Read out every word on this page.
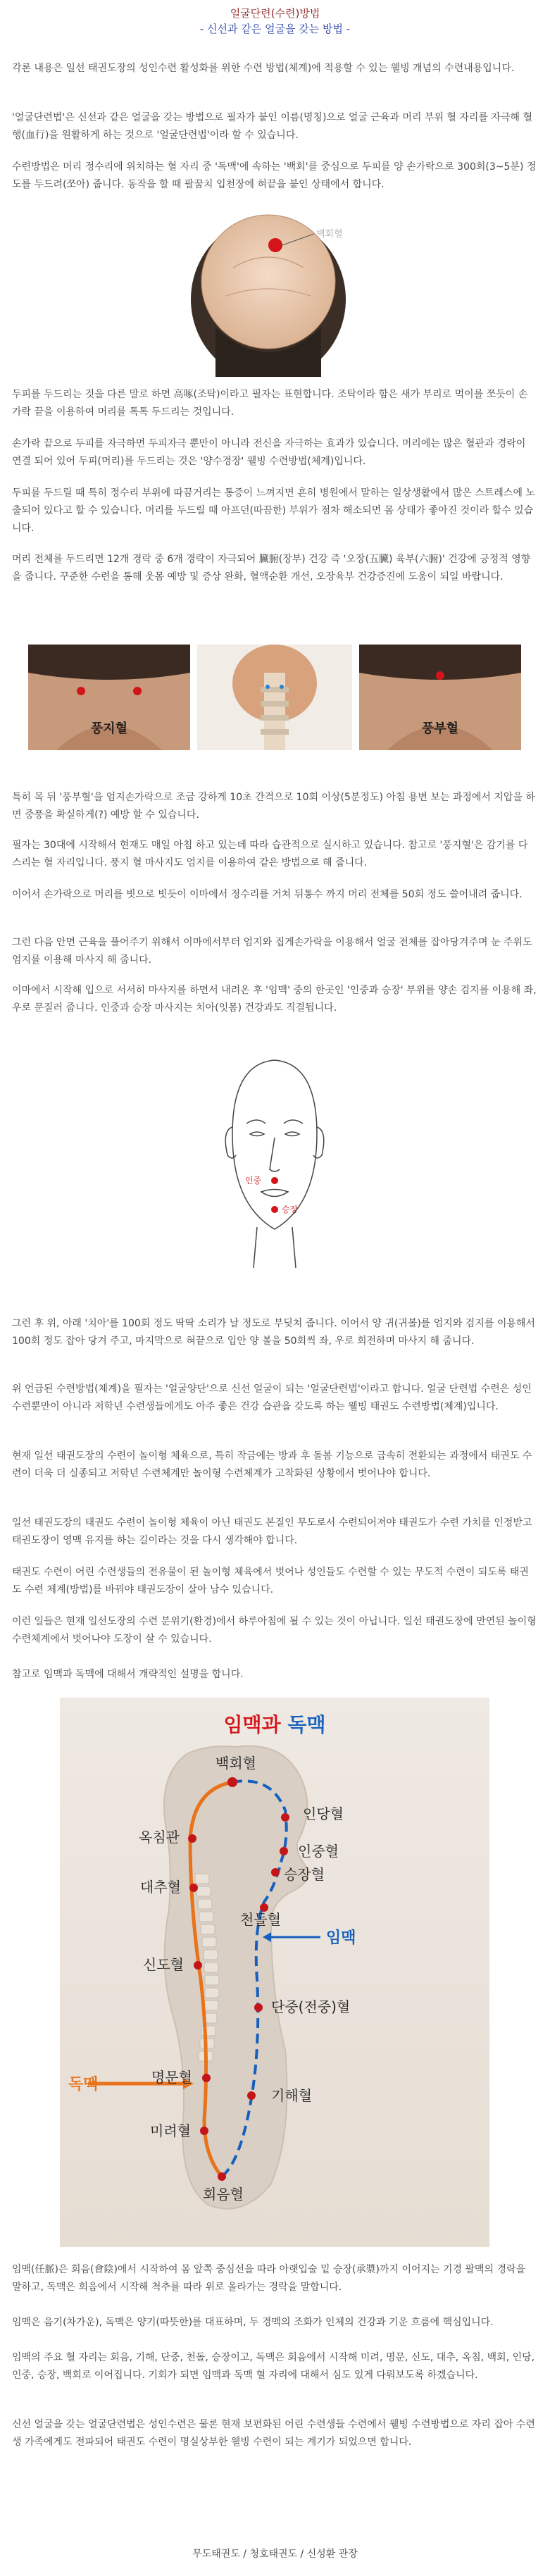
얼굴단련(수련)방법
- 신선과 같은 얼굴을 갖는 방법 -

각론 내용은 일선 태권도장의 성인수련 활성화를 위한 수련 방법(체계)에 적용할 수 있는 웰빙 개념의 수련내용입니다.

'얼굴단련법'은 신선과 같은 얼굴을 갖는 방법으로 필자가 붙인 이름(명칭)으로 얼굴 근육과 머리 부위 혈 자리를 자극해 혈행(血行)을 원활하게 하는 것으로 '얼굴단련법'이라 할 수 있습니다.

수련방법은 머리 정수리에 위치하는 혈 자리 중 '독맥'에 속하는 '백회'를 중심으로 두피를 양 손가락으로 300회(3~5분) 정도를 두드려(쪼아) 줍니다. 동작을 할 때 팔꿈치 입천장에 혀끝을 붙인 상태에서 합니다.

백회혈

두피를 두드리는 것을 다른 말로 하면 高啄(조탁)이라고 필자는 표현합니다. 조탁이라 함은 새가 부리로 먹이를 쪼듯이 손가락 끝을 이용하여 머리를 톡톡 두드리는 것입니다.

손가락 끝으로 두피를 자극하면 두피자극 뿐만이 아니라 전신을 자극하는 효과가 있습니다. 머리에는 많은 혈관과 경락이 연결 되어 있어 두피(머리)를 두드리는 것은 '양수경장' 웰빙 수련방법(체계)입니다.

두피를 두드릴 때 특히 정수리 부위에 따끔거리는 통증이 느껴지면 흔히 병원에서 말하는 일상생활에서 많은 스트레스에 노출되어 있다고 할 수 있습니다. 머리를 두드릴 때 아프던(따끔한) 부위가 점차 해소되면 몸 상태가 좋아진 것이라 할수 있습니다.

머리 전체를 두드리면 12개 경락 중 6개 경락이 자극되어 臟腑(장부) 건강 즉 '오장(五臟) 육부(六腑)' 건강에 긍정적 영향을 줍니다. 꾸준한 수련을 통해 웃몸 예방 및 증상 완화, 혈액순환 개선, 오장육부 건강증진에 도움이 되일 바랍니다.

풍지혈	풍부혈

특히 목 뒤 '풍부혈'을 엄지손가락으로 조금 강하게 10초 간격으로 10회 이상(5분정도) 아침 용변 보는 과정에서 지압을 하면 중풍을 확실하게(?) 예방 할 수 있습니다.

필자는 30대에 시작해서 현재도 매일 아침 하고 있는데 따라 습관적으로 실시하고 있습니다. 참고로 '풍지혈'은 감기를 다스리는 혈 자리입니다. 풍지 혈 마사지도 엄지를 이용하여 같은 방법으로 해 줍니다.

이어서 손가락으로 머리를 빗으로 빗듯이 이마에서 정수리를 거쳐 뒤통수 까지 머리 전체를 50회 정도 쓸어내려 줍니다.

그런 다음 안면 근육을 풀어주기 위해서 이마에서부터 엄지와 집게손가락을 이용해서 얼굴 전체를 잡아당겨주며 눈 주위도 엄지를 이용해 마사지 해 줍니다.

이마에서 시작해 입으로 서서히 마사지를 하면서 내려온 후 '임맥' 중의 한곳인 '인중과 승장' 부위를 양손 검지를 이용해 좌, 우로 문질러 줍니다. 인중과 승장 마사지는 치아(잇몸) 건강과도 직결됩니다.

인중
승장

그런 후 위, 아래 '치아'를 100회 정도 딱딱 소리가 날 정도로 부딪쳐 줍니다. 이어서 양 귀(귀볼)를 엄지와 검지를 이용해서 100회 정도 잡아 당겨 주고, 마지막으로 혀끝으로 입안 양 볼을 50회씩 좌, 우로 회전하며 마사지 해 줍니다.

위 언급된 수련방법(체계)을 필자는 '얼굴양단'으로 신선 얼굴이 되는 '얼굴단련법'이라고 합니다. 얼굴 단련법 수련은 성인 수련뿐만이 아니라 저학년 수련생들에게도 아주 좋은 건강 습관을 갖도록 하는 웰빙 태권도 수련방법(체계)입니다.

현재 일선 태권도장의 수련이 놀이형 체육으로, 특히 작금에는 방과 후 돌봄 기능으로 급속히 전환되는 과정에서 태권도 수련이 더욱 더 실종되고 저학년 수련체계만 놀이형 수련체계가 고착화된 상황에서 벗어나야 합니다.

일선 태권도장의 태권도 수련이 놀이형 체육이 아닌 태권도 본질인 무도로서 수련되어져야 태권도가 수련 가치를 인정받고 태권도장이 영맥 유지를 하는 길이라는 것을 다시 생각해야 합니다.

태권도 수련이 어린 수련생들의 전유물이 된 놀이형 체육에서 벗어나 성인들도 수련할 수 있는 무도적 수련이 되도록 태권도 수련 체계(방법)를 바꿔야 태권도장이 살아 남수 있습니다.

이런 일들은 현재 일선도장의 수련 분위기(환경)에서 하루아침에 될 수 있는 것이 아닙니다. 일선 태권도장에 만연된 놀이형 수련체계에서 벗어나야 도장이 살 수 있습니다.

참고로 임맥과 독맥에 대해서 개략적인 설명을 합니다.

임맥과 독맥
독맥
임맥
백회혈
인당혈
옥침관
인중혈
승장혈
대추혈
천돌혈
신도혈
단중(전중)혈
명문혈
기해혈
미려혈
회음혈

임맥(任脈)은 회음(會陰)에서 시작하여 몸 앞쪽 중심선을 따라 아랫입술 밑 승장(承漿)까지 이어지는 기경 팔맥의 경락을 말하고, 독맥은 회음에서 시작해 척추를 따라 위로 올라가는 경락을 말합니다.

임맥은 음기(차가운), 독맥은 양기(따뜻한)를 대표하며, 두 경맥의 조화가 인체의 건강과 기운 흐름에 핵심입니다.

임맥의 주요 혈 자리는 회음, 기해, 단중, 천돌, 승장이고, 독맥은 회음에서 시작해 미려, 명문, 신도, 대추, 옥침, 백회, 인당, 인중, 승장, 백회로 이어집니다. 기회가 되면 임맥과 독맥 혈 자리에 대해서 심도 있게 다뤄보도록 하겠습니다.

신선 얼굴을 갖는 얼굴단련법은 성인수련은 물론 현재 보편화된 어린 수련생들 수련에서 웰빙 수련방법으로 자리 잡아 수련생 가족에게도 전파되어 태권도 수련이 명실상부한 웰빙 수련이 되는 계기가 되었으면 합니다.

무도태권도 / 청호태권도 / 신성환 관장
